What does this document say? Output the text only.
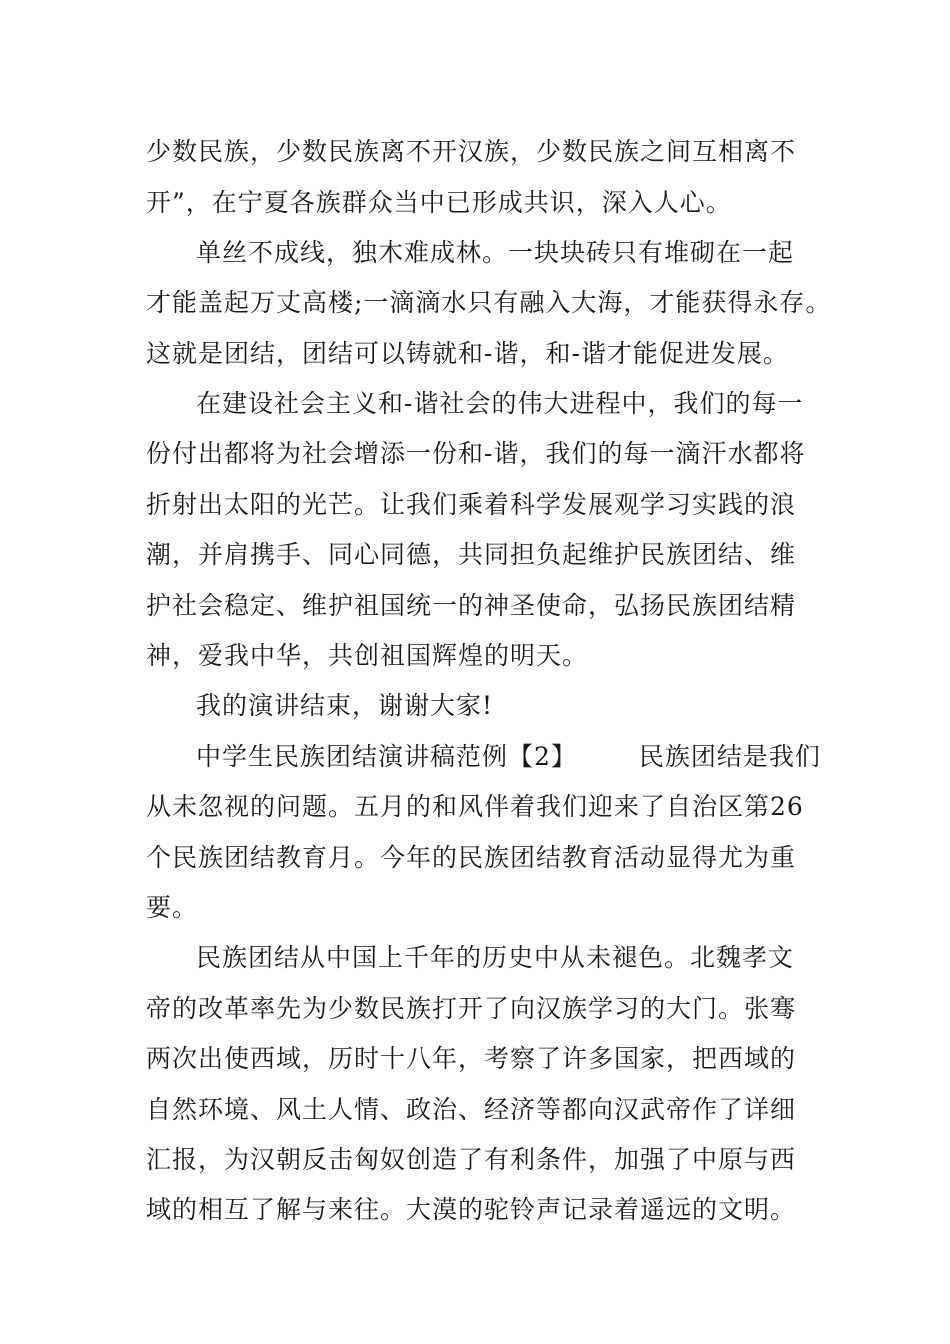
少数民族，少数民族离不开汉族，少数民族之间互相离不
开”，在宁夏各族群众当中已形成共识，深入人心。
单丝不成线，独木难成林。一块块砖只有堆砌在一起
才能盖起万丈高楼;一滴滴水只有融入大海，才能获得永存。
这就是团结，团结可以铸就和-谐，和-谐才能促进发展。
在建设社会主义和-谐社会的伟大进程中，我们的每一
份付出都将为社会增添一份和-谐，我们的每一滴汗水都将
折射出太阳的光芒。让我们乘着科学发展观学习实践的浪
潮，并肩携手、同心同德，共同担负起维护民族团结、维
护社会稳定、维护祖国统一的神圣使命，弘扬民族团结精
神，爱我中华，共创祖国辉煌的明天。
我的演讲结束，谢谢大家!
中学生民族团结演讲稿范例【2】 民族团结是我们
从未忽视的问题。五月的和风伴着我们迎来了自治区第26
个民族团结教育月。今年的民族团结教育活动显得尤为重
要。
民族团结从中国上千年的历史中从未褪色。北魏孝文
帝的改革率先为少数民族打开了向汉族学习的大门。张骞
两次出使西域，历时十八年，考察了许多国家，把西域的
自然环境、风土人情、政治、经济等都向汉武帝作了详细
汇报，为汉朝反击匈奴创造了有利条件，加强了中原与西
域的相互了解与来往。大漠的驼铃声记录着遥远的文明。
